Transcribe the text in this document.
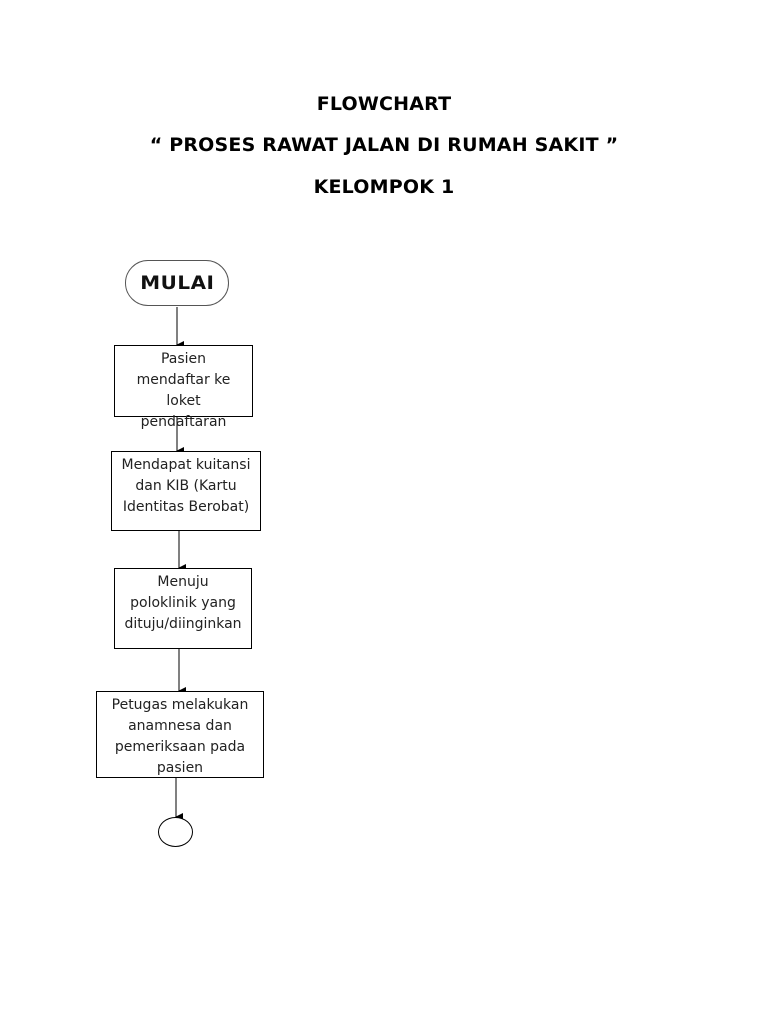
FLOWCHART
“ PROSES RAWAT JALAN DI RUMAH SAKIT ”
KELOMPOK 1
MULAI
Pasien mendaftar ke loket pendaftaran
Mendapat kuitansi dan KIB (Kartu Identitas Berobat)
Menuju poloklinik yang dituju/diinginkan
Petugas melakukan anamnesa dan pemeriksaan pada pasien
